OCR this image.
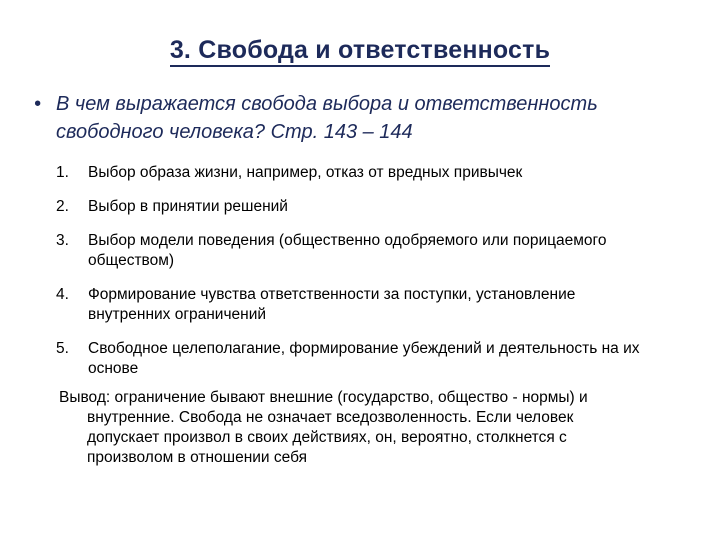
3. Свобода и ответственность
• В чем выражается свобода выбора и ответственность свободного человека? Стр. 143 – 144
1. Выбор образа жизни, например, отказ от вредных привычек
2. Выбор в принятии решений
3. Выбор модели поведения (общественно одобряемого или порицаемого обществом)
4. Формирование чувства ответственности за поступки, установление внутренних ограничений
5. Свободное целеполагание, формирование убеждений и деятельность на их основе
Вывод: ограничение бывают внешние (государство, общество - нормы) и внутренние. Свобода не означает вседозволенность. Если человек допускает произвол в своих действиях, он, вероятно, столкнется с произволом в отношении себя
